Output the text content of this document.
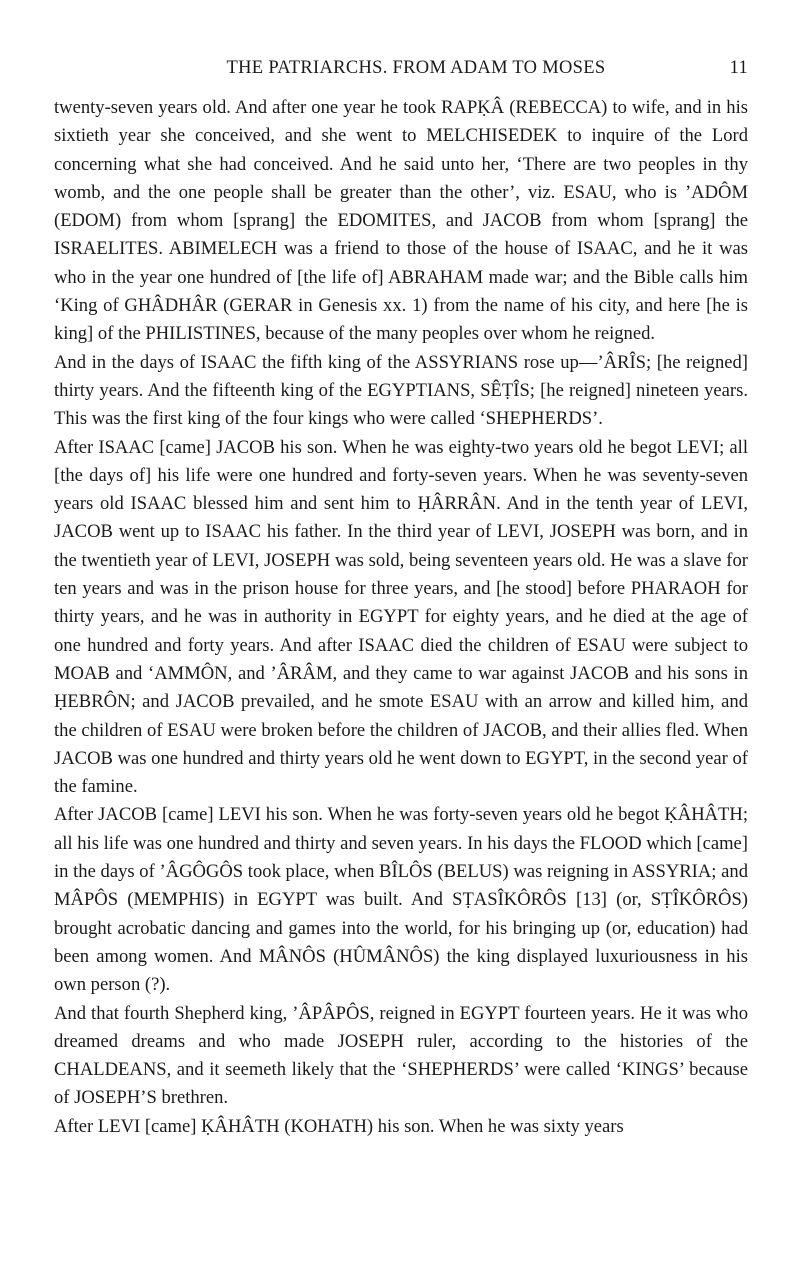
THE PATRIARCHS. FROM ADAM TO MOSES	11

twenty-seven years old. And after one year he took RAPḲÂ (REBECCA) to wife, and in his sixtieth year she conceived, and she went to MELCHISEDEK to inquire of the Lord concerning what she had conceived. And he said unto her, ‘There are two peoples in thy womb, and the one people shall be greater than the other’, viz. ESAU, who is ’ADÔM (EDOM) from whom [sprang] the EDOMITES, and JACOB from whom [sprang] the ISRAELITES. ABIMELECH was a friend to those of the house of ISAAC, and he it was who in the year one hundred of [the life of] ABRAHAM made war; and the Bible calls him ‘King of GHÂDHÂR (GERAR in Genesis xx. 1) from the name of his city, and here [he is king] of the PHILISTINES, because of the many peoples over whom he reigned.

And in the days of ISAAC the fifth king of the ASSYRIANS rose up—’ÂRÎS; [he reigned] thirty years. And the fifteenth king of the EGYPTIANS, SÊṬÎS; [he reigned] nineteen years. This was the first king of the four kings who were called ‘SHEPHERDS’.

After ISAAC [came] JACOB his son. When he was eighty-two years old he begot LEVI; all [the days of] his life were one hundred and forty-seven years. When he was seventy-seven years old ISAAC blessed him and sent him to ḤÂRRÂN. And in the tenth year of LEVI, JACOB went up to ISAAC his father. In the third year of LEVI, JOSEPH was born, and in the twentieth year of LEVI, JOSEPH was sold, being seventeen years old. He was a slave for ten years and was in the prison house for three years, and [he stood] before PHARAOH for thirty years, and he was in authority in EGYPT for eighty years, and he died at the age of one hundred and forty years. And after ISAAC died the children of ESAU were subject to MOAB and ‘AMMÔN, and ’ÂRÂM, and they came to war against JACOB and his sons in ḤEBRÔN; and JACOB prevailed, and he smote ESAU with an arrow and killed him, and the children of ESAU were broken before the children of JACOB, and their allies fled. When JACOB was one hundred and thirty years old he went down to EGYPT, in the second year of the famine.

After JACOB [came] LEVI his son. When he was forty-seven years old he begot ḲÂHÂTH; all his life was one hundred and thirty and seven years. In his days the FLOOD which [came] in the days of ’ÂGÔGÔS took place, when BÎLÔS (BELUS) was reigning in ASSYRIA; and MÂPÔS (MEMPHIS) in EGYPT was built. And SṬASÎKÔRÔS [13] (or, SṬÎKÔRÔS) brought acrobatic dancing and games into the world, for his bringing up (or, education) had been among women. And MÂNÔS (HÛMÂNÔS) the king displayed luxuriousness in his own person (?).

And that fourth Shepherd king, ’ÂPÂPÔS, reigned in EGYPT fourteen years. He it was who dreamed dreams and who made JOSEPH ruler, according to the histories of the CHALDEANS, and it seemeth likely that the ‘SHEPHERDS’ were called ‘KINGS’ because of JOSEPH’S brethren.

After LEVI [came] ḲÂHÂTH (KOHATH) his son. When he was sixty years
